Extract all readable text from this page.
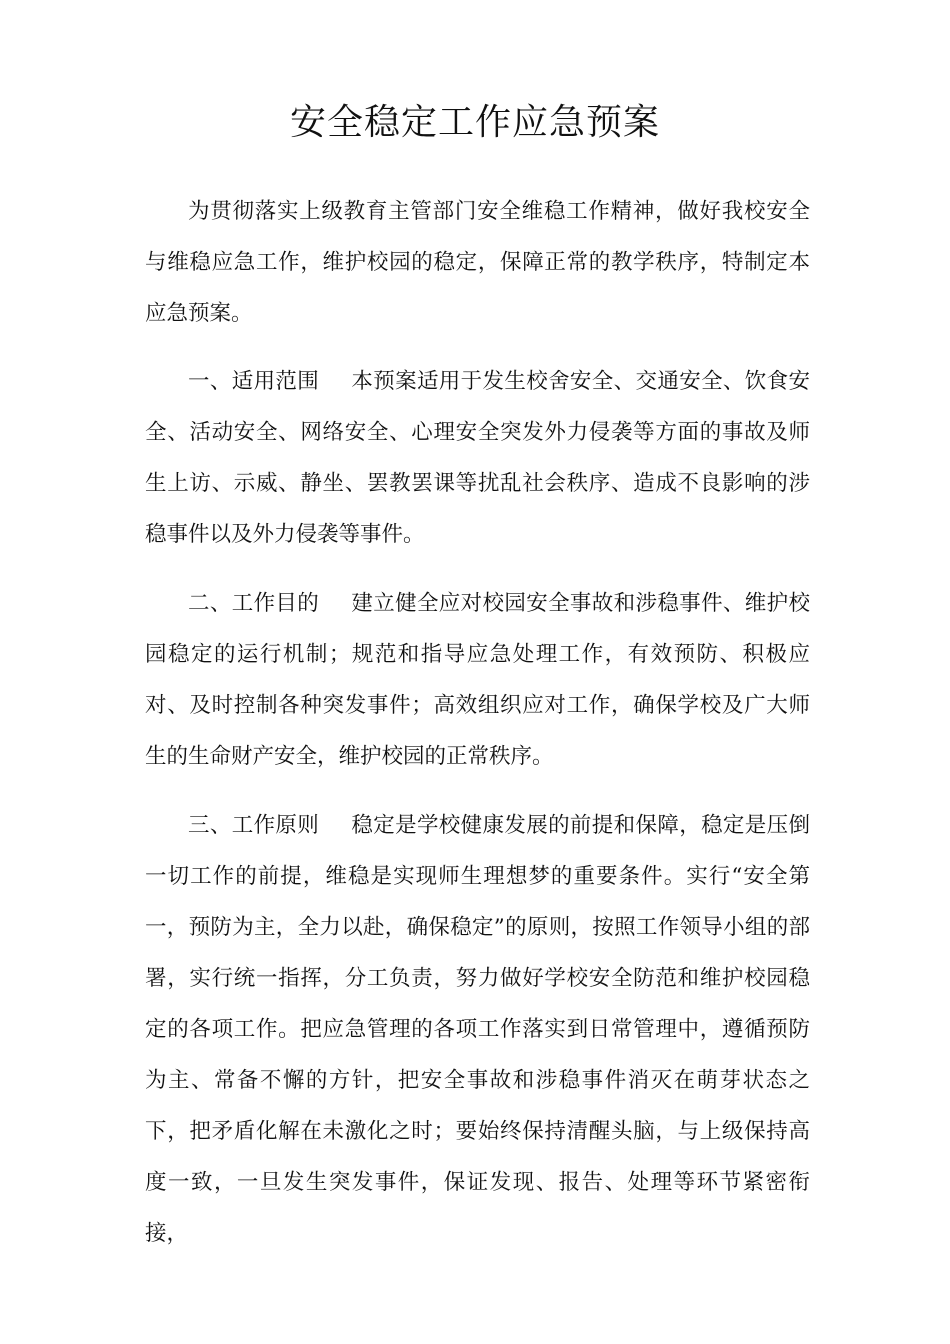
安全稳定工作应急预案

为贯彻落实上级教育主管部门安全维稳工作精神，做好我校安全与维稳应急工作，维护校园的稳定，保障正常的教学秩序，特制定本应急预案。

一、适用范围 本预案适用于发生校舍安全、交通安全、饮食安全、活动安全、网络安全、心理安全突发外力侵袭等方面的事故及师生上访、示威、静坐、罢教罢课等扰乱社会秩序、造成不良影响的涉稳事件以及外力侵袭等事件。

二、工作目的 建立健全应对校园安全事故和涉稳事件、维护校园稳定的运行机制；规范和指导应急处理工作，有效预防、积极应对、及时控制各种突发事件；高效组织应对工作，确保学校及广大师生的生命财产安全，维护校园的正常秩序。

三、工作原则 稳定是学校健康发展的前提和保障，稳定是压倒一切工作的前提，维稳是实现师生理想梦的重要条件。实行“安全第一，预防为主，全力以赴，确保稳定”的原则，按照工作领导小组的部署，实行统一指挥，分工负责，努力做好学校安全防范和维护校园稳定的各项工作。把应急管理的各项工作落实到日常管理中，遵循预防为主、常备不懈的方针，把安全事故和涉稳事件消灭在萌芽状态之下，把矛盾化解在未激化之时；要始终保持清醒头脑，与上级保持高度一致，一旦发生突发事件，保证发现、报告、处理等环节紧密衔接，
